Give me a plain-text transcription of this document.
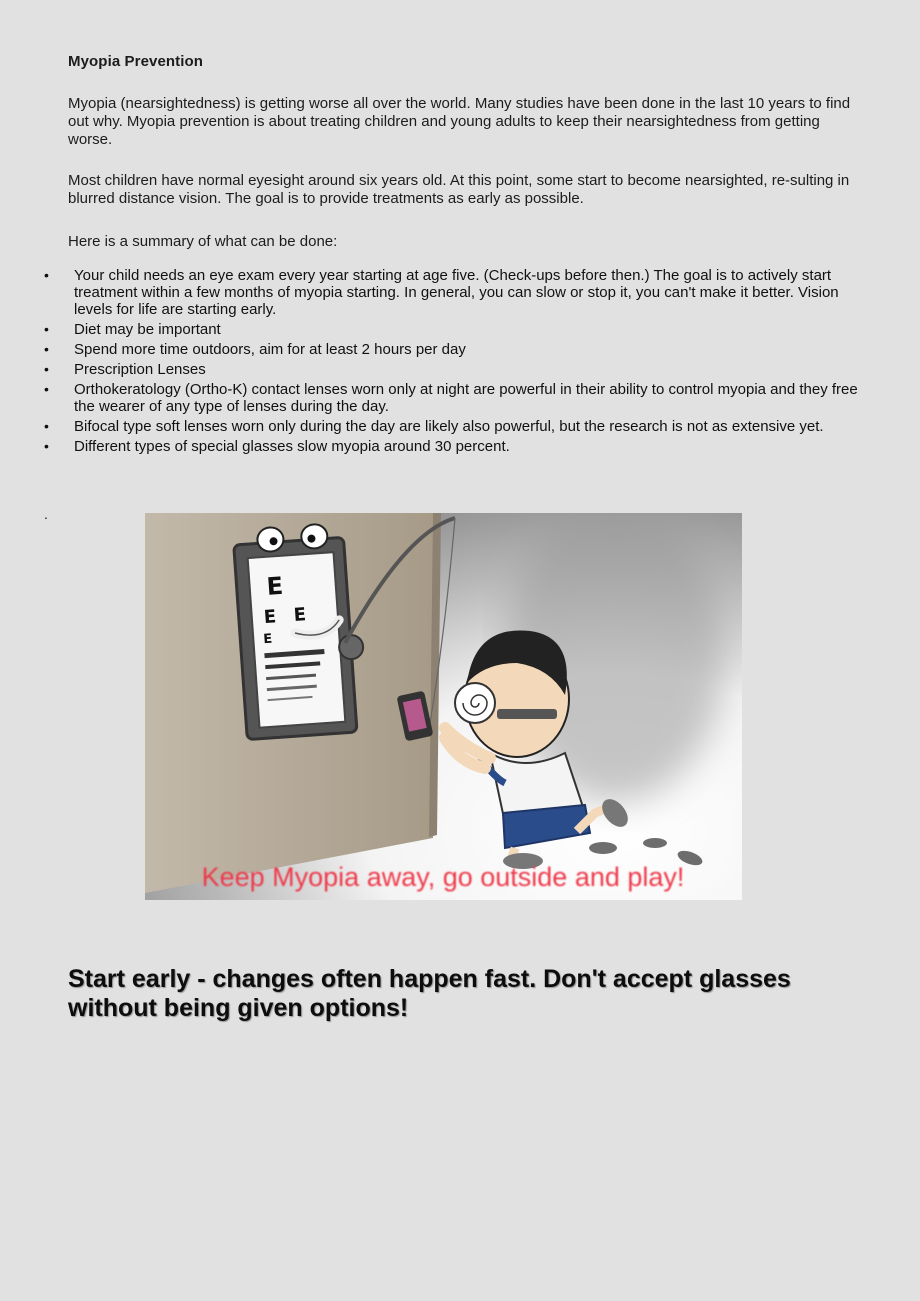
Myopia Prevention
Myopia (nearsightedness) is getting worse all over the world. Many studies have been done in the last 10 years to find out why. Myopia prevention is about treating children and young adults to keep their nearsightedness from getting worse.
Most children have normal eyesight around six years old. At this point, some start to become nearsighted, re-sulting in blurred distance vision. The goal is to provide treatments as early as possible.
Here is a summary of what can be done:
• Your child needs an eye exam every year starting at age five. (Check-ups before then.) The goal is to actively start treatment within a few months of myopia starting. In general, you can slow or stop it, you can't make it better. Vision levels for life are starting early.
• Diet may be important
• Spend more time outdoors, aim for at least 2 hours per day
• Prescription Lenses
• Orthokeratology (Ortho-K) contact lenses worn only at night are powerful in their ability to control myopia and they free the wearer of any type of lenses during the day.
• Bifocal type soft lenses worn only during the day are likely also powerful, but the research is not as extensive yet.
• Different types of special glasses slow myopia around 30 percent.
.
E
E E
E
Keep Myopia away, go outside and play!
Start early - changes often happen fast. Don't accept glasses without being given options!
